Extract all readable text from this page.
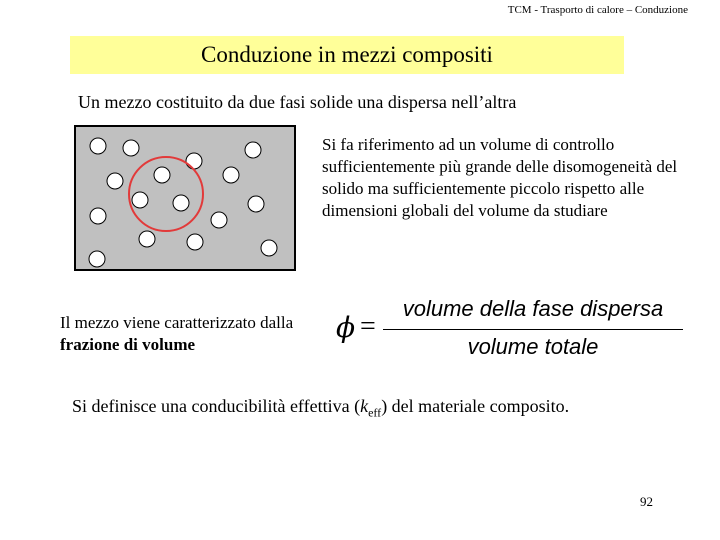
TCM - Trasporto di calore – Conduzione
Conduzione in mezzi compositi
Un mezzo costituito da due fasi solide una dispersa nell’altra
Si fa riferimento ad un volume di controllo sufficientemente più grande delle disomogeneità del solido ma sufficientemente piccolo rispetto alle dimensioni globali del volume da studiare
Il mezzo viene caratterizzato dalla frazione di volume
ϕ =
volume della fase dispersa
volume totale
Si definisce una conducibilità effettiva $(k_{eff})$ del materiale composito.
92
